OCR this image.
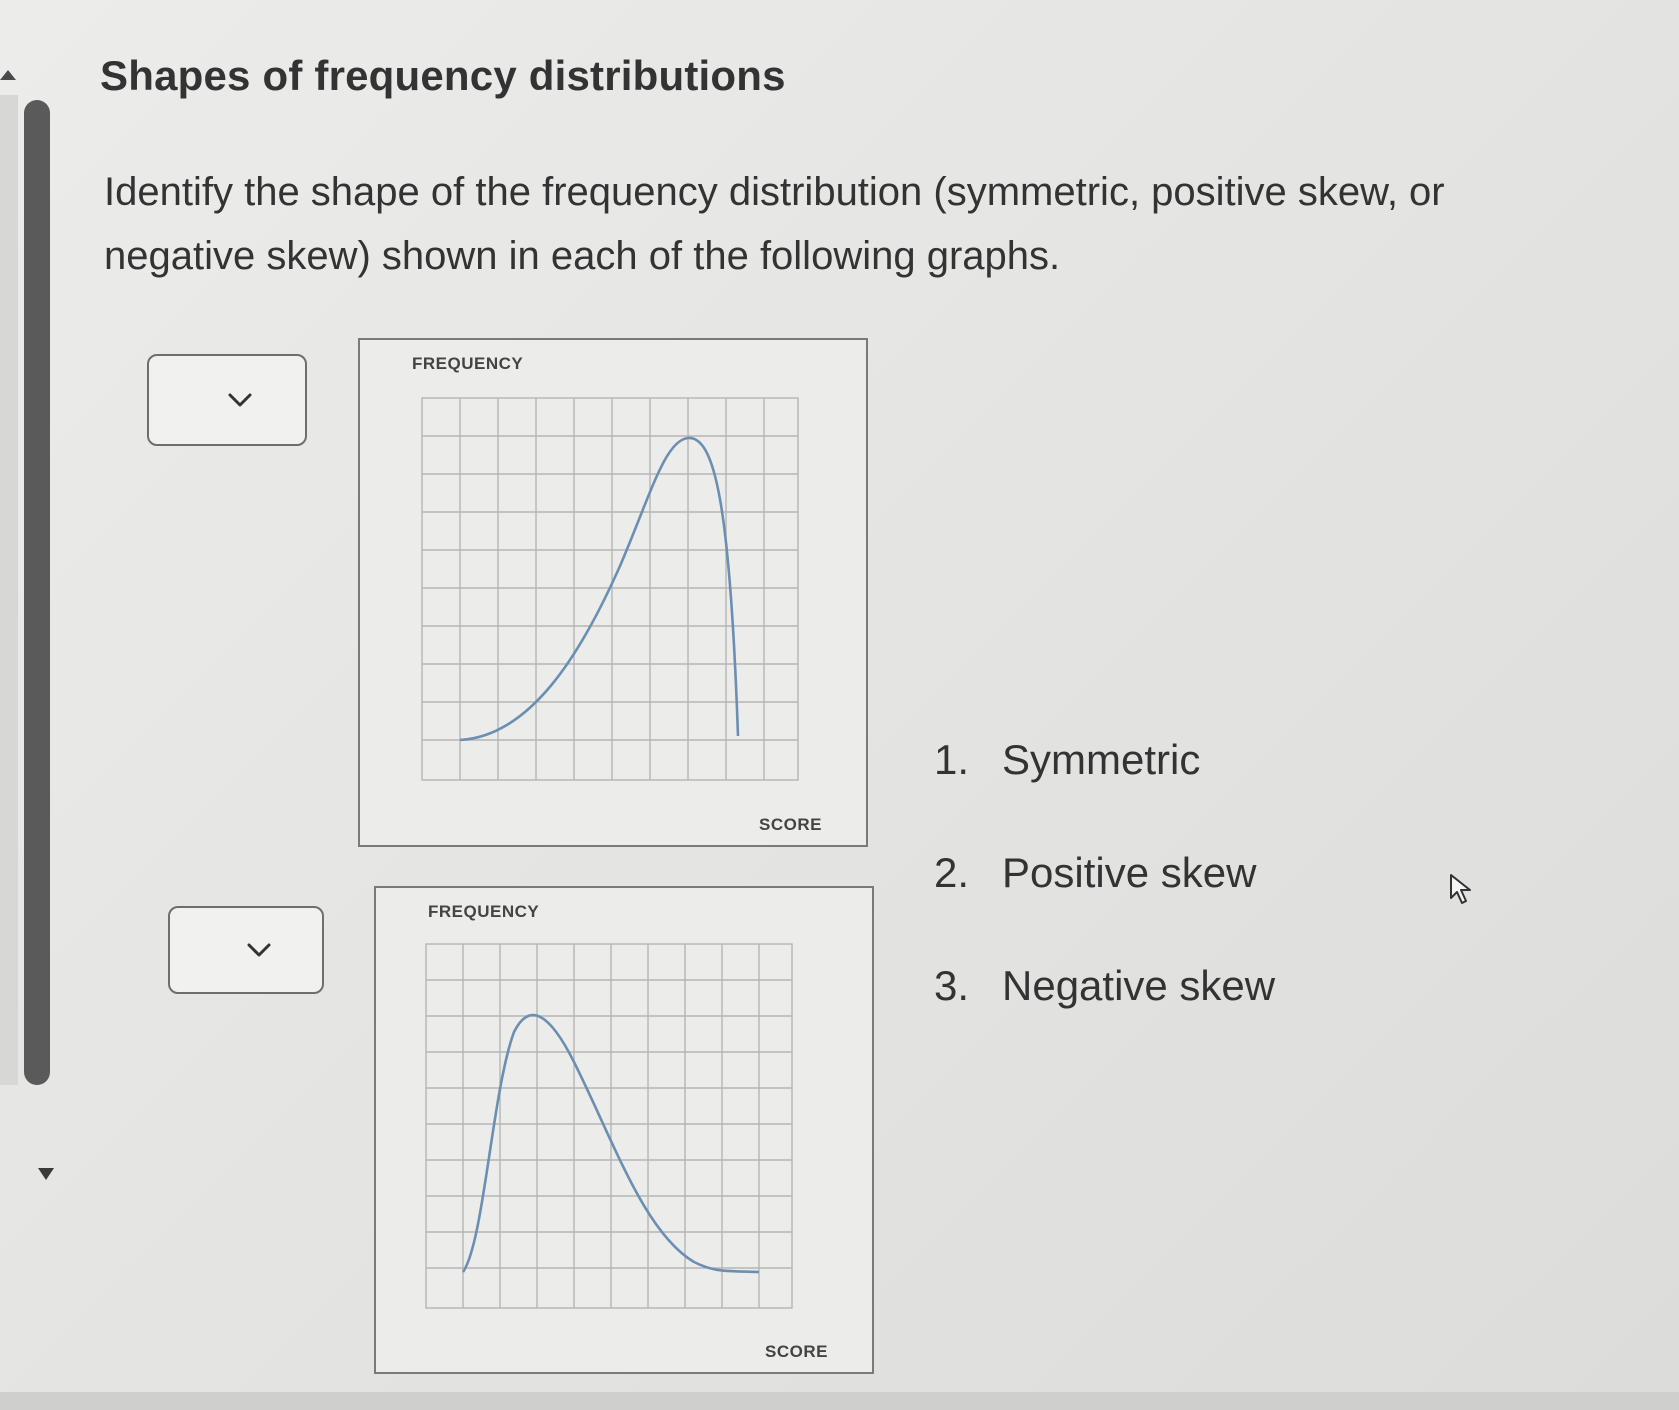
Shapes of frequency distributions

Identify the shape of the frequency distribution (symmetric, positive skew, or negative skew) shown in each of the following graphs.

FREQUENCY
SCORE
FREQUENCY
SCORE
1. Symmetric
2. Positive skew
3. Negative skew
